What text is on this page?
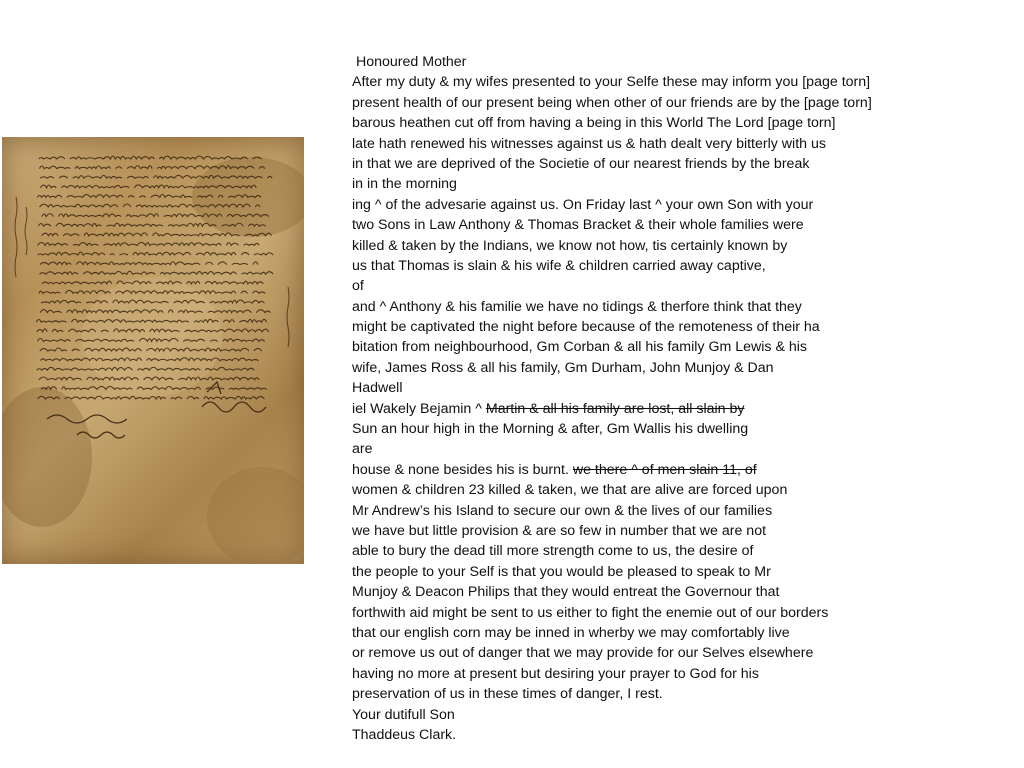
Honoured Mother
After my duty & my wifes presented to your Selfe these may inform you [page torn]
present health of our present being when other of our friends are by the [page torn]
barous heathen cut off from having a being in this World The Lord [page torn]
late hath renewed his witnesses against us & hath dealt very bitterly with us
in that we are deprived of the Societie of our nearest friends by the break
in in the morning
ing ^ of the advesarie against us. On Friday last ^ your own Son with your
two Sons in Law Anthony & Thomas Bracket & their whole families were
killed & taken by the Indians, we know not how, tis certainly known by
us that Thomas is slain & his wife & children carried away captive,
of
and ^ Anthony & his familie we have no tidings & therfore think that they
might be captivated the night before because of the remoteness of their ha
bitation from neighbourhood, Gm Corban & all his family Gm Lewis & his
wife, James Ross & all his family, Gm Durham, John Munjoy & Dan
Hadwell
iel Wakely Bejamin ^ Martin & all his family are lost, all slain by
Sun an hour high in the Morning & after, Gm Wallis his dwelling
are
house & none besides his is burnt. we there ^ of men slain 11, of
women & children 23 killed & taken, we that are alive are forced upon
Mr Andrew’s his Island to secure our own & the lives of our families
we have but little provision & are so few in number that we are not
able to bury the dead till more strength come to us, the desire of
the people to your Self is that you would be pleased to speak to Mr
Munjoy & Deacon Philips that they would entreat the Governour that
forthwith aid might be sent to us either to fight the enemie out of our borders
that our english corn may be inned in wherby we may comfortably live
or remove us out of danger that we may provide for our Selves elsewhere
having no more at present but desiring your prayer to God for his
preservation of us in these times of danger, I rest.
Your dutifull Son
Thaddeus Clark.
